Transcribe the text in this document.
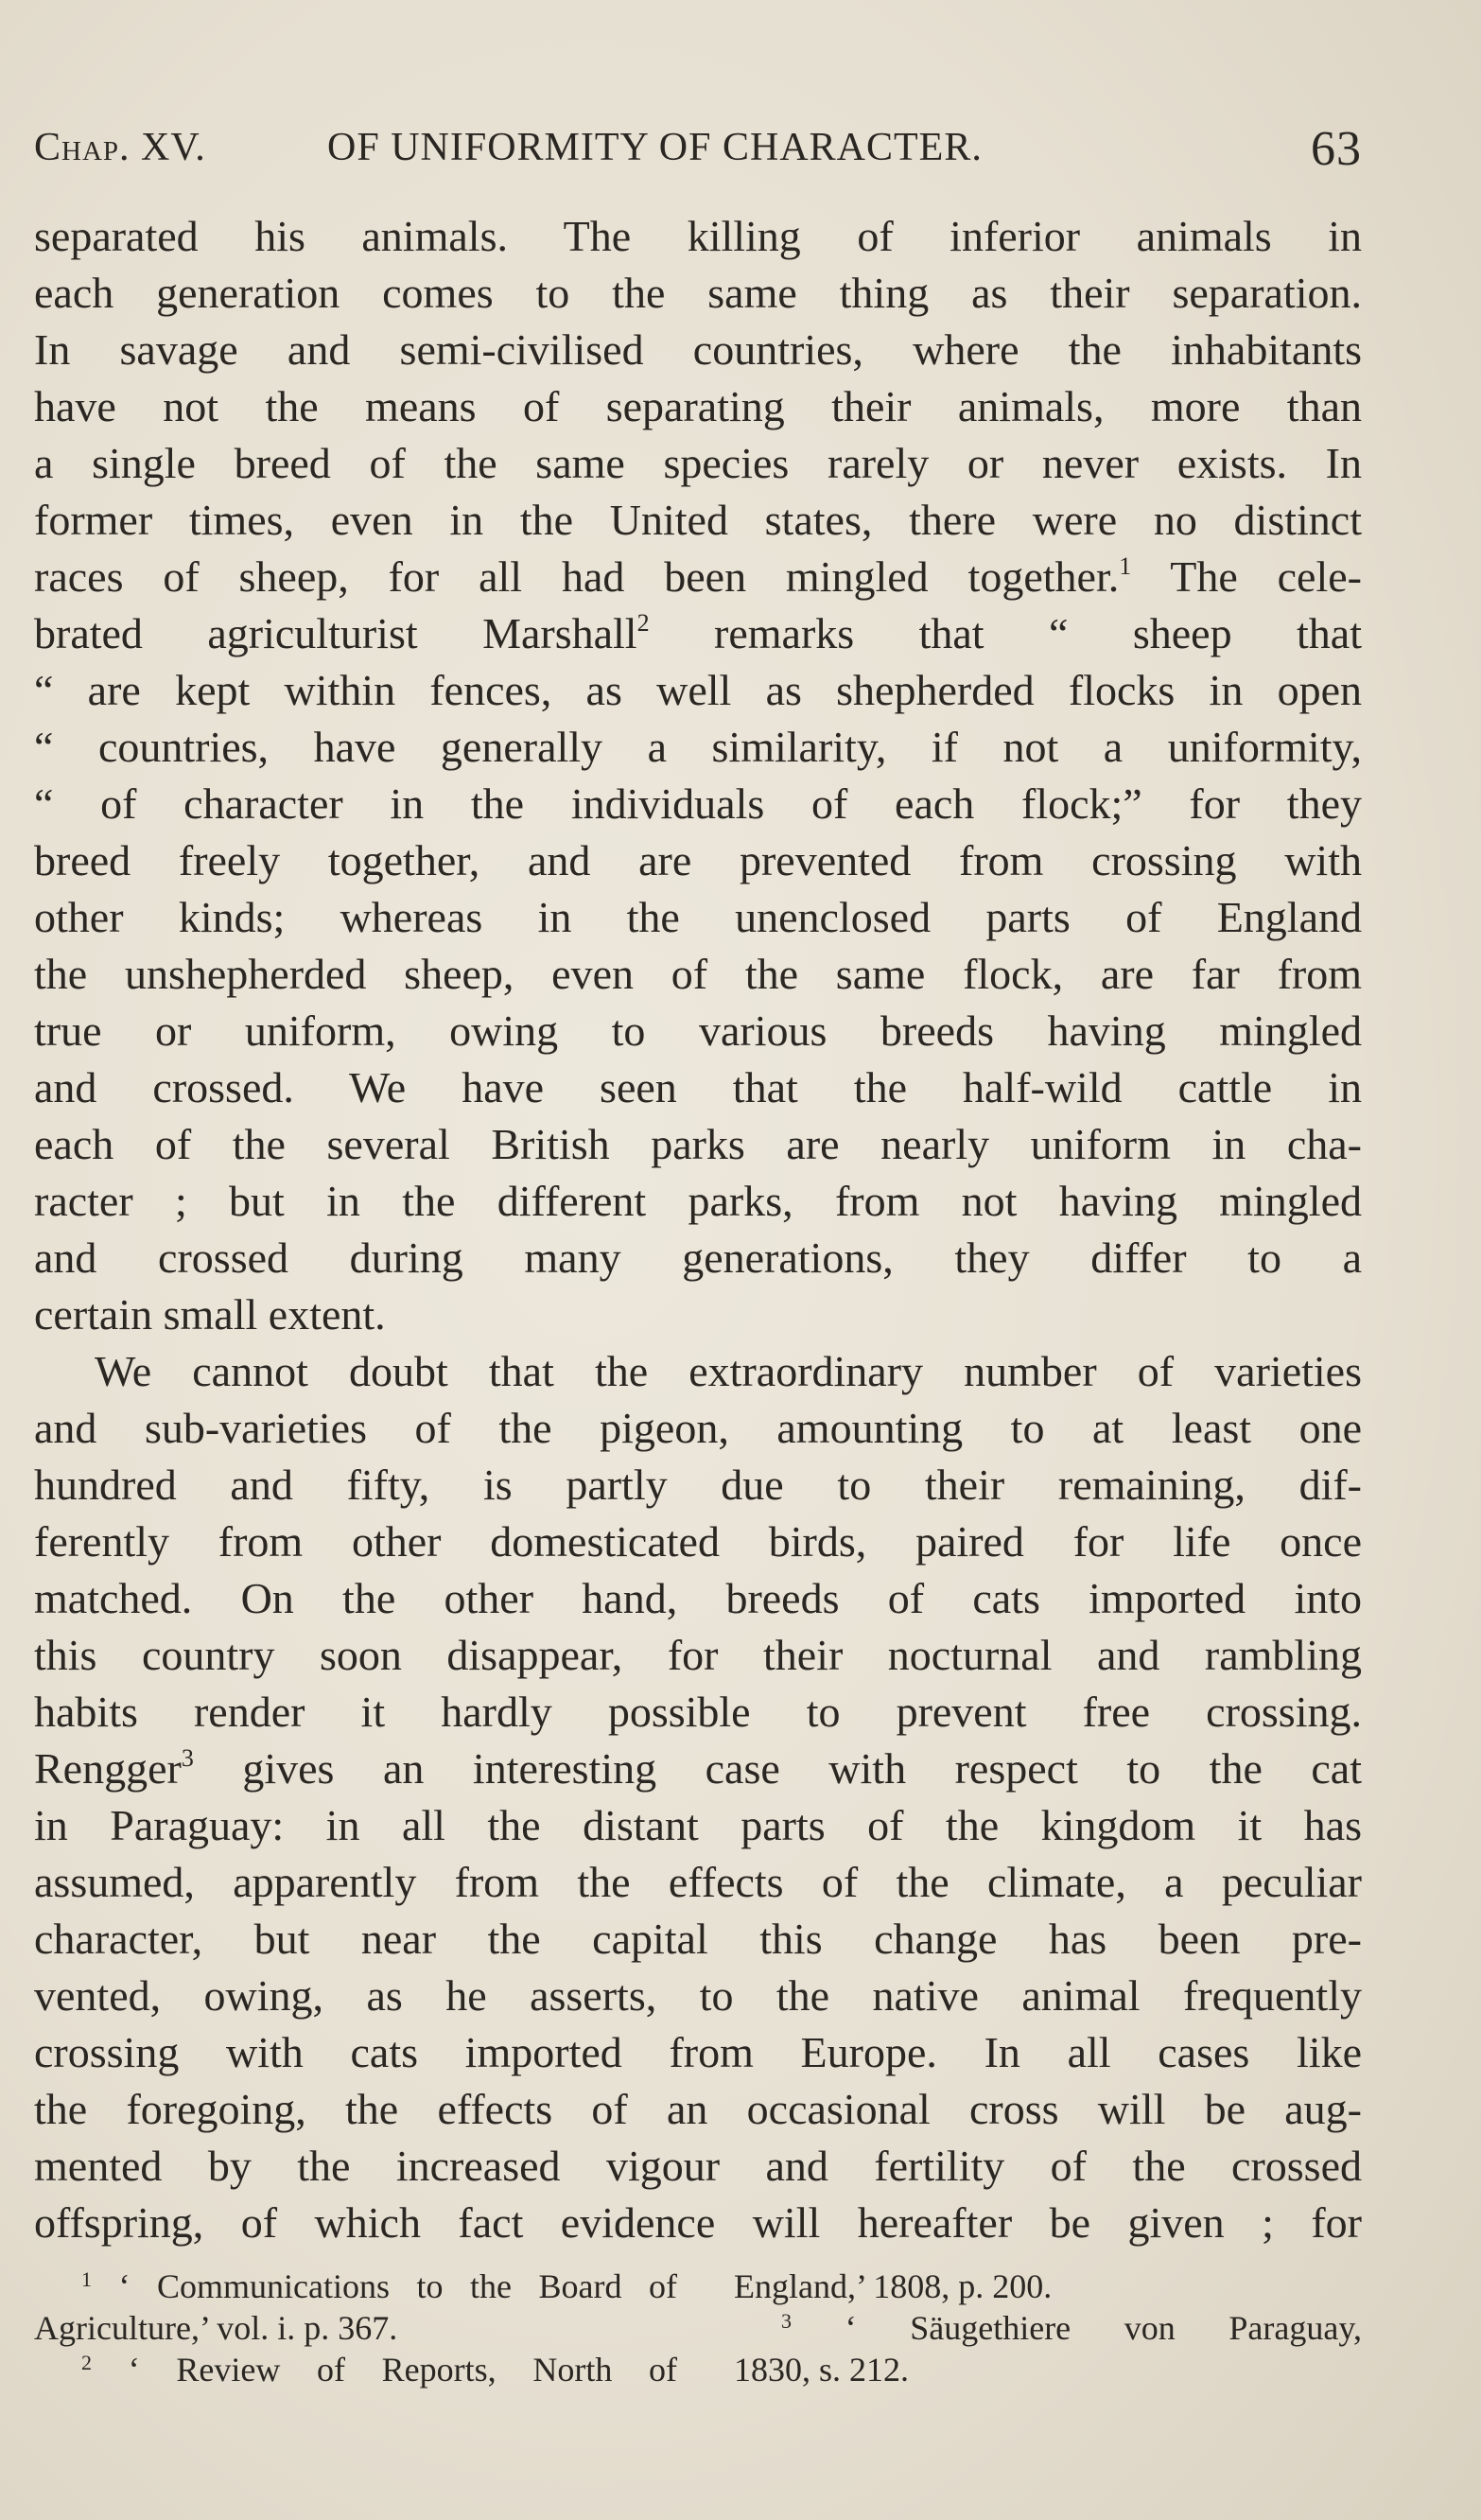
Chap. XV.	OF UNIFORMITY OF CHARACTER.	63
separated his animals. The killing of inferior animals in
each generation comes to the same thing as their separation.
In savage and semi-civilised countries, where the inhabitants
have not the means of separating their animals, more than
a single breed of the same species rarely or never exists. In
former times, even in the United states, there were no distinct
races of sheep, for all had been mingled together.$^1$ The cele-
brated agriculturist Marshall$^2$ remarks that “ sheep that
“ are kept within fences, as well as shepherded flocks in open
“ countries, have generally a similarity, if not a uniformity,
“ of character in the individuals of each flock;” for they
breed freely together, and are prevented from crossing with
other kinds; whereas in the unenclosed parts of England
the unshepherded sheep, even of the same flock, are far from
true or uniform, owing to various breeds having mingled
and crossed. We have seen that the half-wild cattle in
each of the several British parks are nearly uniform in cha-
racter ; but in the different parks, from not having mingled
and crossed during many generations, they differ to a
certain small extent.
We cannot doubt that the extraordinary number of varieties
and sub-varieties of the pigeon, amounting to at least one
hundred and fifty, is partly due to their remaining, dif-
ferently from other domesticated birds, paired for life once
matched. On the other hand, breeds of cats imported into
this country soon disappear, for their nocturnal and rambling
habits render it hardly possible to prevent free crossing.
Rengger$^3$ gives an interesting case with respect to the cat
in Paraguay: in all the distant parts of the kingdom it has
assumed, apparently from the effects of the climate, a peculiar
character, but near the capital this change has been pre-
vented, owing, as he asserts, to the native animal frequently
crossing with cats imported from Europe. In all cases like
the foregoing, the effects of an occasional cross will be aug-
mented by the increased vigour and fertility of the crossed
offspring, of which fact evidence will hereafter be given ; for
$^1$ ‘ Communications to the Board of
Agriculture,’ vol. i. p. 367.
$^2$ ‘ Review of Reports, North of
England,’ 1808, p. 200.
$^3$ ‘ Säugethiere von Paraguay,
1830, s. 212.
